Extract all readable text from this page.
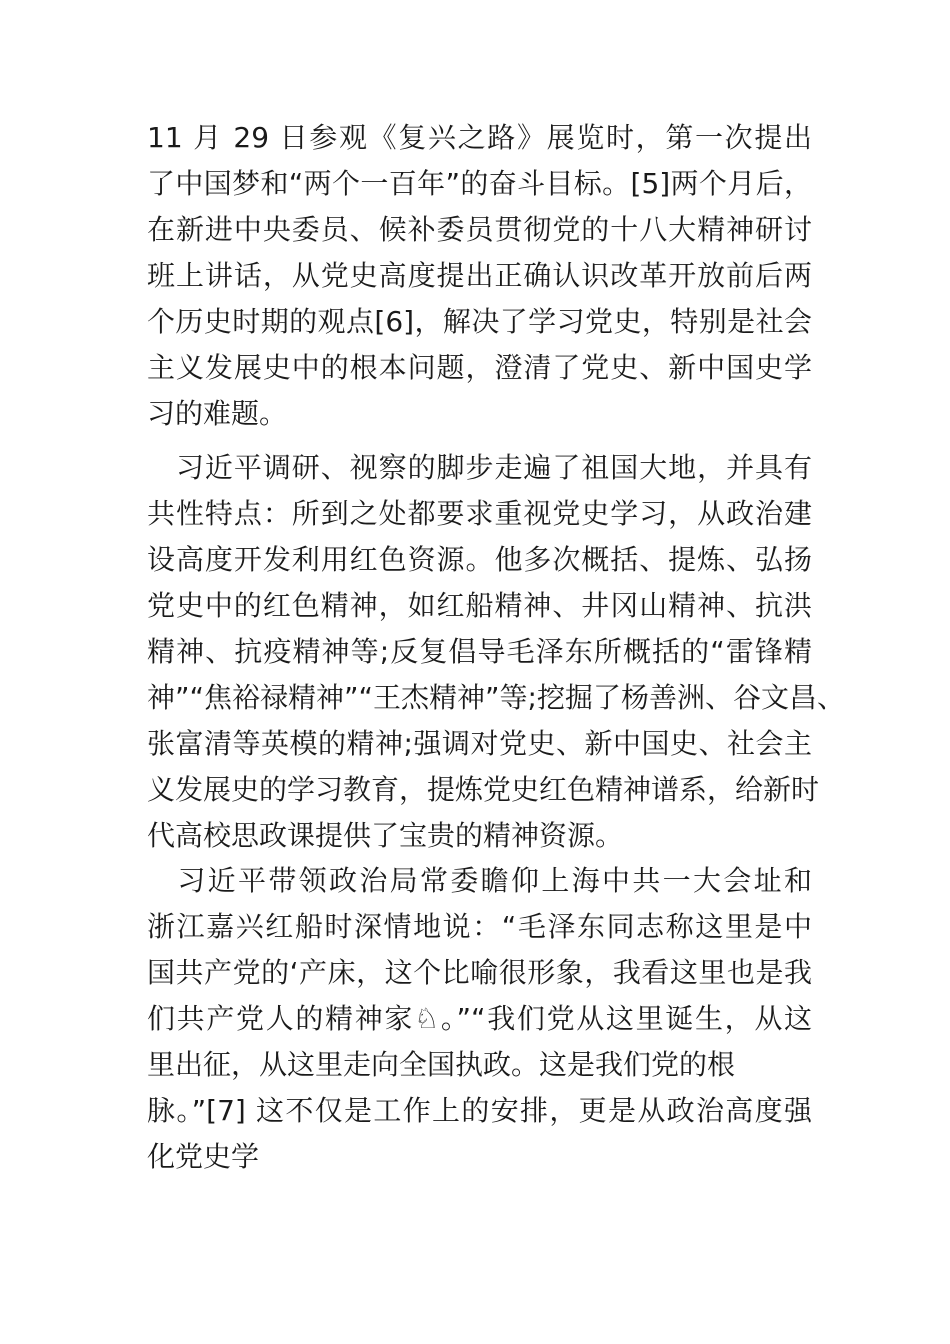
11 月 29 日参观《复兴之路》展览时，第一次提出
了中国梦和“两个一百年”的奋斗目标。[5]两个月后，
在新进中央委员、候补委员贯彻党的十八大精神研讨
班上讲话，从党史高度提出正确认识改革开放前后两
个历史时期的观点[6]，解决了学习党史，特别是社会
主义发展史中的根本问题，澄清了党史、新中国史学
习的难题。
　习近平调研、视察的脚步走遍了祖国大地，并具有
共性特点：所到之处都要求重视党史学习，从政治建
设高度开发利用红色资源。他多次概括、提炼、弘扬
党史中的红色精神，如红船精神、井冈山精神、抗洪
精神、抗疫精神等;反复倡导毛泽东所概括的“雷锋精
神”“焦裕禄精神”“王杰精神”等;挖掘了杨善洲、谷文昌、
张富清等英模的精神;强调对党史、新中国史、社会主
义发展史的学习教育，提炼党史红色精神谱系，给新时
代高校思政课提供了宝贵的精神资源。
　习近平带领政治局常委瞻仰上海中共一大会址和
浙江嘉兴红船时深情地说：“毛泽东同志称这里是中
国共产党的‘产床，这个比喻很形象，我看这里也是我
们共产党人的精神家♘。”“我们党从这里诞生，从这
里出征，从这里走向全国执政。这是我们党的根
脉。”[7] 这不仅是工作上的安排，更是从政治高度强
化党史学
